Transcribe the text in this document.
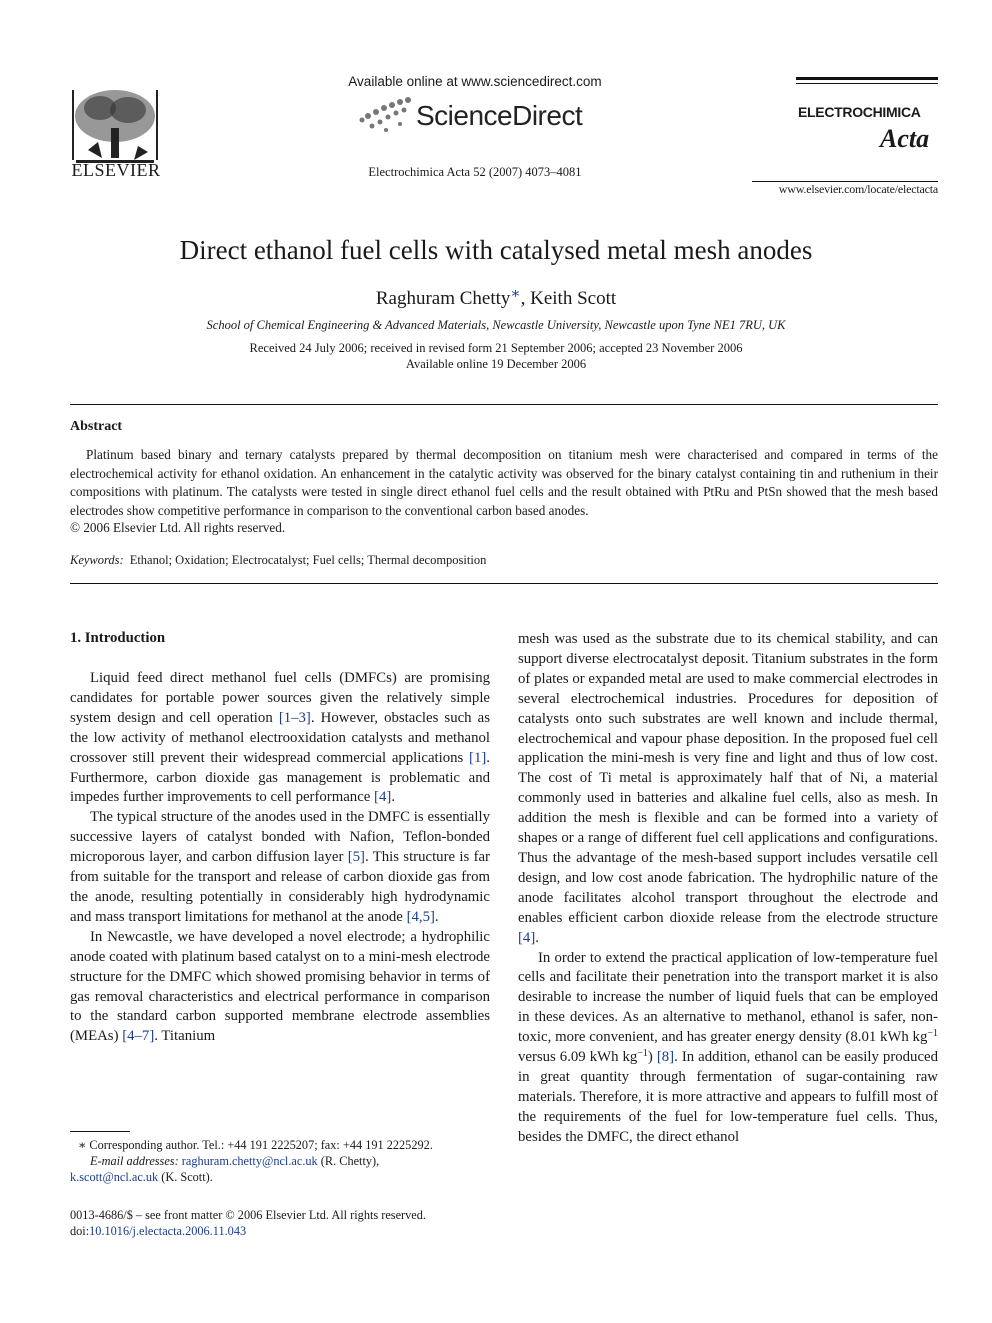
ELSEVIER
Available online at www.sciencedirect.com
ScienceDirect
Electrochimica Acta 52 (2007) 4073–4081
ELECTROCHIMICA
Acta
www.elsevier.com/locate/electacta
Direct ethanol fuel cells with catalysed metal mesh anodes
Raghuram Chetty∗, Keith Scott
School of Chemical Engineering & Advanced Materials, Newcastle University, Newcastle upon Tyne NE1 7RU, UK
Received 24 July 2006; received in revised form 21 September 2006; accepted 23 November 2006
Available online 19 December 2006
Abstract
Platinum based binary and ternary catalysts prepared by thermal decomposition on titanium mesh were characterised and compared in terms of the electrochemical activity for ethanol oxidation. An enhancement in the catalytic activity was observed for the binary catalyst containing tin and ruthenium in their compositions with platinum. The catalysts were tested in single direct ethanol fuel cells and the result obtained with PtRu and PtSn showed that the mesh based electrodes show competitive performance in comparison to the conventional carbon based anodes.
© 2006 Elsevier Ltd. All rights reserved.
Keywords: Ethanol; Oxidation; Electrocatalyst; Fuel cells; Thermal decomposition
1. Introduction

Liquid feed direct methanol fuel cells (DMFCs) are promising candidates for portable power sources given the relatively simple system design and cell operation [1–3]. However, obstacles such as the low activity of methanol electrooxidation catalysts and methanol crossover still prevent their widespread commercial applications [1]. Furthermore, carbon dioxide gas management is problematic and impedes further improvements to cell performance [4].

The typical structure of the anodes used in the DMFC is essentially successive layers of catalyst bonded with Nafion, Teflon-bonded microporous layer, and carbon diffusion layer [5]. This structure is far from suitable for the transport and release of carbon dioxide gas from the anode, resulting potentially in considerably high hydrodynamic and mass transport limitations for methanol at the anode [4,5].

In Newcastle, we have developed a novel electrode; a hydrophilic anode coated with platinum based catalyst on to a mini-mesh electrode structure for the DMFC which showed promising behavior in terms of gas removal characteristics and electrical performance in comparison to the standard carbon supported membrane electrode assemblies (MEAs) [4–7]. Titanium

mesh was used as the substrate due to its chemical stability, and can support diverse electrocatalyst deposit. Titanium substrates in the form of plates or expanded metal are used to make commercial electrodes in several electrochemical industries. Procedures for deposition of catalysts onto such substrates are well known and include thermal, electrochemical and vapour phase deposition. In the proposed fuel cell application the mini-mesh is very fine and light and thus of low cost. The cost of Ti metal is approximately half that of Ni, a material commonly used in batteries and alkaline fuel cells, also as mesh. In addition the mesh is flexible and can be formed into a variety of shapes or a range of different fuel cell applications and configurations. Thus the advantage of the mesh-based support includes versatile cell design, and low cost anode fabrication. The hydrophilic nature of the anode facilitates alcohol transport throughout the electrode and enables efficient carbon dioxide release from the electrode structure [4].

In order to extend the practical application of low-temperature fuel cells and facilitate their penetration into the transport market it is also desirable to increase the number of liquid fuels that can be employed in these devices. As an alternative to methanol, ethanol is safer, non-toxic, more convenient, and has greater energy density (8.01 kWh $kg^{-1}$ versus 6.09 kWh $kg^{-1}$) [8]. In addition, ethanol can be easily produced in great quantity through fermentation of sugar-containing raw materials. Therefore, it is more attractive and appears to fulfill most of the requirements of the fuel for low-temperature fuel cells. Thus, besides the DMFC, the direct ethanol

∗ Corresponding author. Tel.: +44 191 2225207; fax: +44 191 2225292.
E-mail addresses: raghuram.chetty@ncl.ac.uk (R. Chetty),
k.scott@ncl.ac.uk (K. Scott).
0013-4686/$ – see front matter © 2006 Elsevier Ltd. All rights reserved.
doi:10.1016/j.electacta.2006.11.043
